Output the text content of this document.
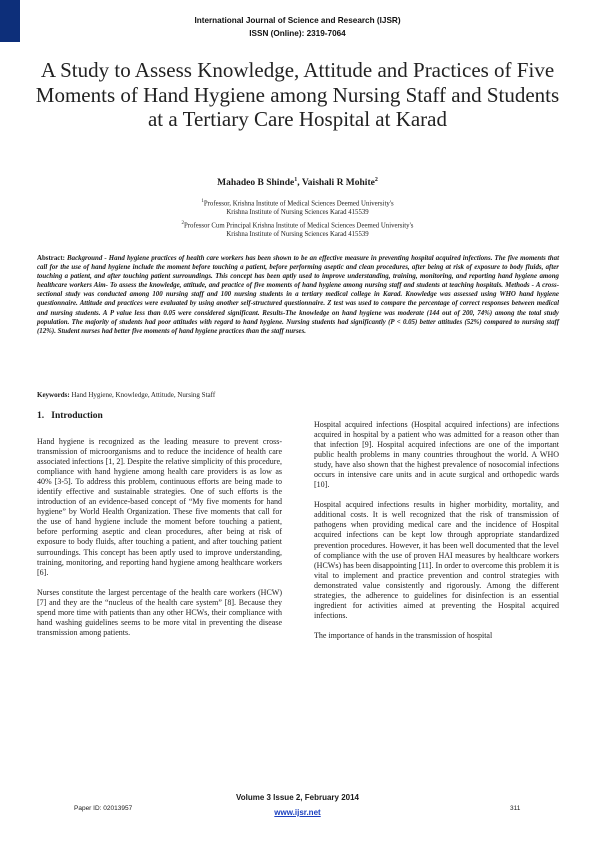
International Journal of Science and Research (IJSR)
ISSN (Online): 2319-7064
A Study to Assess Knowledge, Attitude and Practices of Five Moments of Hand Hygiene among Nursing Staff and Students at a Tertiary Care Hospital at Karad
Mahadeo B Shinde$^1$, Vaishali R Mohite$^2$
$^1$Professor, Krishna Institute of Medical Sciences Deemed University's
Krishna Institute of Nursing Sciences Karad 415539
$^2$Professor Cum Principal Krishna Institute of Medical Sciences Deemed University's
Krishna Institute of Nursing Sciences Karad 415539

Abstract: Background - Hand hygiene practices of health care workers has been shown to be an effective measure in preventing hospital acquired infections. The five moments that call for the use of hand hygiene include the moment before touching a patient, before performing aseptic and clean procedures, after being at risk of exposure to body fluids, after touching a patient, and after touching patient surroundings. This concept has been aptly used to improve understanding, training, monitoring, and reporting hand hygiene among healthcare workers Aim- To assess the knowledge, attitude, and practice of five moments of hand hygiene among nursing staff and students at teaching hospitals. Methods - A cross-sectional study was conducted among 100 nursing staff and 100 nursing students in a tertiary medical college in Karad. Knowledge was assessed using WHO hand hygiene questionnaire. Attitude and practices were evaluated by using another self-structured questionnaire. Z test was used to compare the percentage of correct responses between medical and nursing students. A P value less than 0.05 were considered significant. Results-The knowledge on hand hygiene was moderate (144 out of 200, 74%) among the total study population. The majority of students had poor attitudes with regard to hand hygiene. Nursing students had significantly (P < 0.05) better attitudes (52%) compared to nursing staff (12%). Student nurses had better five moments of hand hygiene practices than the staff nurses.

Keywords: Hand Hygiene, Knowledge, Attitude, Nursing Staff

1. Introduction

Hand hygiene is recognized as the leading measure to prevent cross-transmission of microorganisms and to reduce the incidence of health care associated infections [1, 2]. Despite the relative simplicity of this procedure, compliance with hand hygiene among health care providers is as low as 40% [3-5]. To address this problem, continuous efforts are being made to identify effective and sustainable strategies. One of such efforts is the introduction of an evidence-based concept of “My five moments for hand hygiene” by World Health Organization. These five moments that call for the use of hand hygiene include the moment before touching a patient, before performing aseptic and clean procedures, after being at risk of exposure to body fluids, after touching a patient, and after touching patient surroundings. This concept has been aptly used to improve understanding, training, monitoring, and reporting hand hygiene among healthcare workers [6].

Nurses constitute the largest percentage of the health care workers (HCW) [7] and they are the “nucleus of the health care system” [8]. Because they spend more time with patients than any other HCWs, their compliance with hand washing guidelines seems to be more vital in preventing the disease transmission among patients.

Hospital acquired infections (Hospital acquired infections) are infections acquired in hospital by a patient who was admitted for a reason other than that infection [9]. Hospital acquired infections are one of the important public health problems in many countries throughout the world. A WHO study, have also shown that the highest prevalence of nosocomial infections occurs in intensive care units and in acute surgical and orthopedic wards [10].

Hospital acquired infections results in higher morbidity, mortality, and additional costs. It is well recognized that the risk of transmission of pathogens when providing medical care and the incidence of Hospital acquired infections can be kept low through appropriate standardized prevention procedures. However, it has been well documented that the level of compliance with the use of proven HAI measures by healthcare workers (HCWs) has been disappointing [11]. In order to overcome this problem it is vital to implement and practice prevention and control strategies with demonstrated value consistently and rigorously. Among the different strategies, the adherence to guidelines for disinfection is an essential ingredient for activities aimed at preventing the Hospital acquired infections.

The importance of hands in the transmission of hospital

Volume 3 Issue 2, February 2014
www.ijsr.net
Paper ID: 02013957	311
